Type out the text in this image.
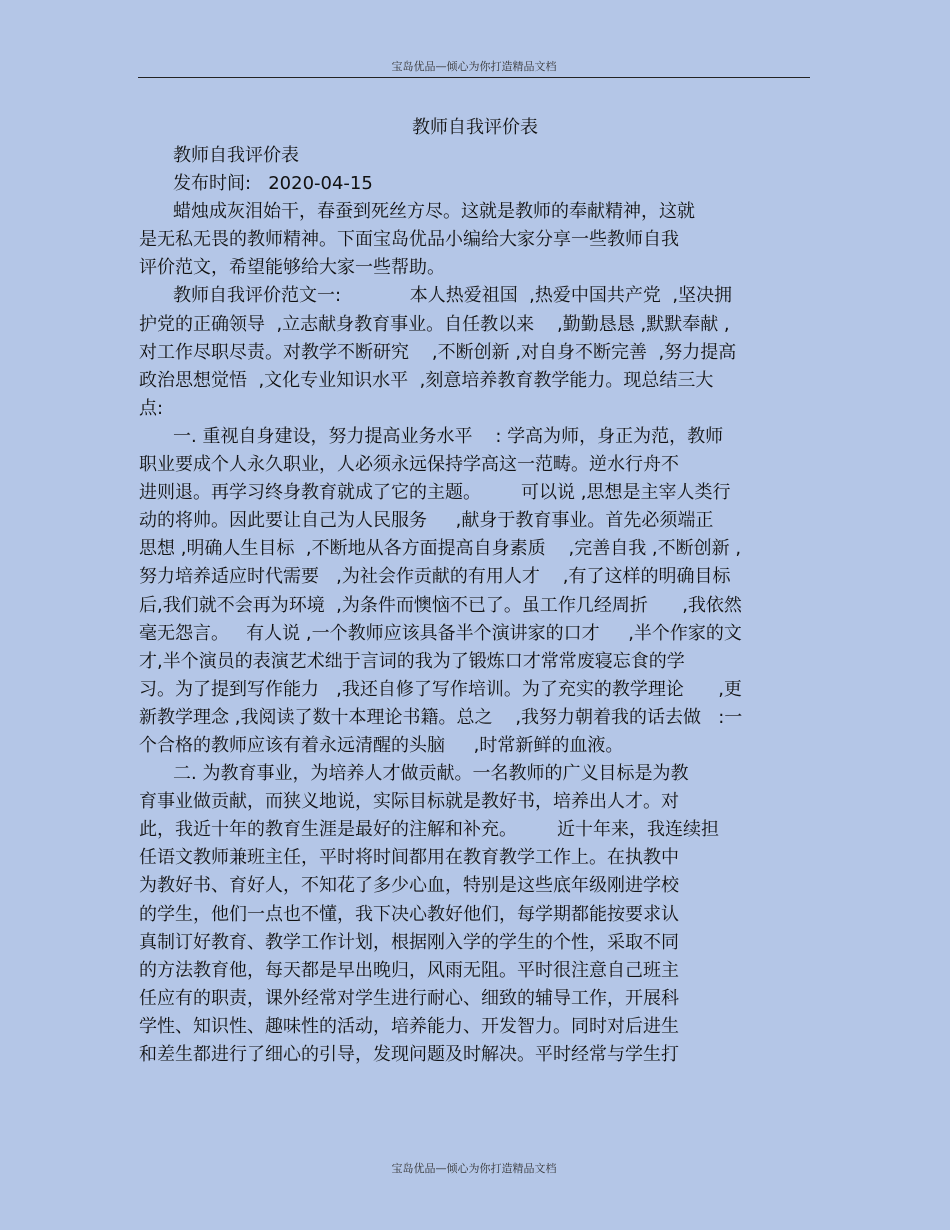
宝岛优品—倾心为你打造精品文档
教师自我评价表
教师自我评价表
发布时间:   2020-04-15
蜡烛成灰泪始干，春蚕到死丝方尽。这就是教师的奉献精神，这就
是无私无畏的教师精神。下面宝岛优品小编给大家分享一些教师自我
评价范文，希望能够给大家一些帮助。
教师自我评价范文一:            本人热爱祖国  ,热爱中国共产党  ,坚决拥
护党的正确领导  ,立志献身教育事业。自任教以来    ,勤勤恳恳 ,默默奉献 ,
对工作尽职尽责。对教学不断研究    ,不断创新 ,对自身不断完善  ,努力提高
政治思想觉悟  ,文化专业知识水平  ,刻意培养教育教学能力。现总结三大
点:
一. 重视自身建设，努力提高业务水平    : 学高为师，身正为范，教师
职业要成个人永久职业，人必须永远保持学高这一范畴。逆水行舟不
进则退。再学习终身教育就成了它的主题。       可以说 ,思想是主宰人类行
动的将帅。因此要让自己为人民服务     ,献身于教育事业。首先必须端正
思想 ,明确人生目标  ,不断地从各方面提高自身素质    ,完善自我 ,不断创新 ,
努力培养适应时代需要   ,为社会作贡献的有用人才    ,有了这样的明确目标
后,我们就不会再为环境  ,为条件而懊恼不已了。虽工作几经周折      ,我依然
毫无怨言。   有人说 ,一个教师应该具备半个演讲家的口才     ,半个作家的文
才,半个演员的表演艺术绌于言词的我为了锻炼口才常常废寝忘食的学
习。为了提到写作能力   ,我还自修了写作培训。为了充实的教学理论      ,更
新教学理念 ,我阅读了数十本理论书籍。总之    ,我努力朝着我的话去做   :一
个合格的教师应该有着永远清醒的头脑     ,时常新鲜的血液。
二. 为教育事业，为培养人才做贡献。一名教师的广义目标是为教
育事业做贡献，而狭义地说，实际目标就是教好书，培养出人才。对
此，我近十年的教育生涯是最好的注解和补充。       近十年来，我连续担
任语文教师兼班主任，平时将时间都用在教育教学工作上。在执教中
为教好书、育好人，不知花了多少心血，特别是这些底年级刚进学校
的学生，他们一点也不懂，我下决心教好他们，每学期都能按要求认
真制订好教育、教学工作计划，根据刚入学的学生的个性，采取不同
的方法教育他，每天都是早出晚归，风雨无阻。平时很注意自己班主
任应有的职责，课外经常对学生进行耐心、细致的辅导工作，开展科
学性、知识性、趣味性的活动，培养能力、开发智力。同时对后进生
和差生都进行了细心的引导，发现问题及时解决。平时经常与学生打
宝岛优品—倾心为你打造精品文档
